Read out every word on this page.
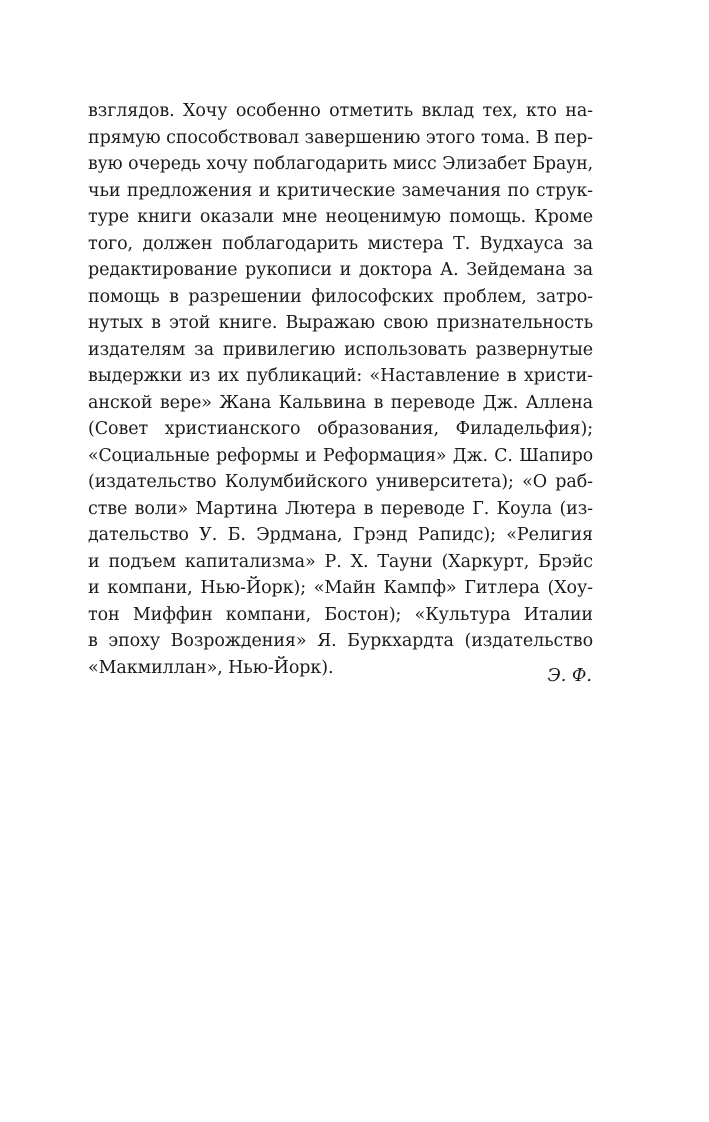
взглядов. Хочу особенно отметить вклад тех, кто на-
прямую способствовал завершению этого тома. В пер-
вую очередь хочу поблагодарить мисс Элизабет Браун,
чьи предложения и критические замечания по струк-
туре книги оказали мне неоценимую помощь. Кроме
того, должен поблагодарить мистера Т. Вудхауса за
редактирование рукописи и доктора А. Зейдемана за
помощь в разрешении философских проблем, затро-
нутых в этой книге. Выражаю свою признательность
издателям за привилегию использовать развернутые
выдержки из их публикаций: «Наставление в христи-
анской вере» Жана Кальвина в переводе Дж. Аллена
(Совет христианского образования, Филадельфия);
«Социальные реформы и Реформация» Дж. С. Шапиро
(издательство Колумбийского университета); «О раб-
стве воли» Мартина Лютера в переводе Г. Коула (из-
дательство У. Б. Эрдмана, Грэнд Рапидс); «Религия
и подъем капитализма» Р. Х. Тауни (Харкурт, Брэйс
и компани, Нью-Йорк); «Майн Кампф» Гитлера (Хоу-
тон Миффин компани, Бостон); «Культура Италии
в эпоху Возрождения» Я. Буркхардта (издательство
«Макмиллан», Нью-Йорк).	Э. Ф.
